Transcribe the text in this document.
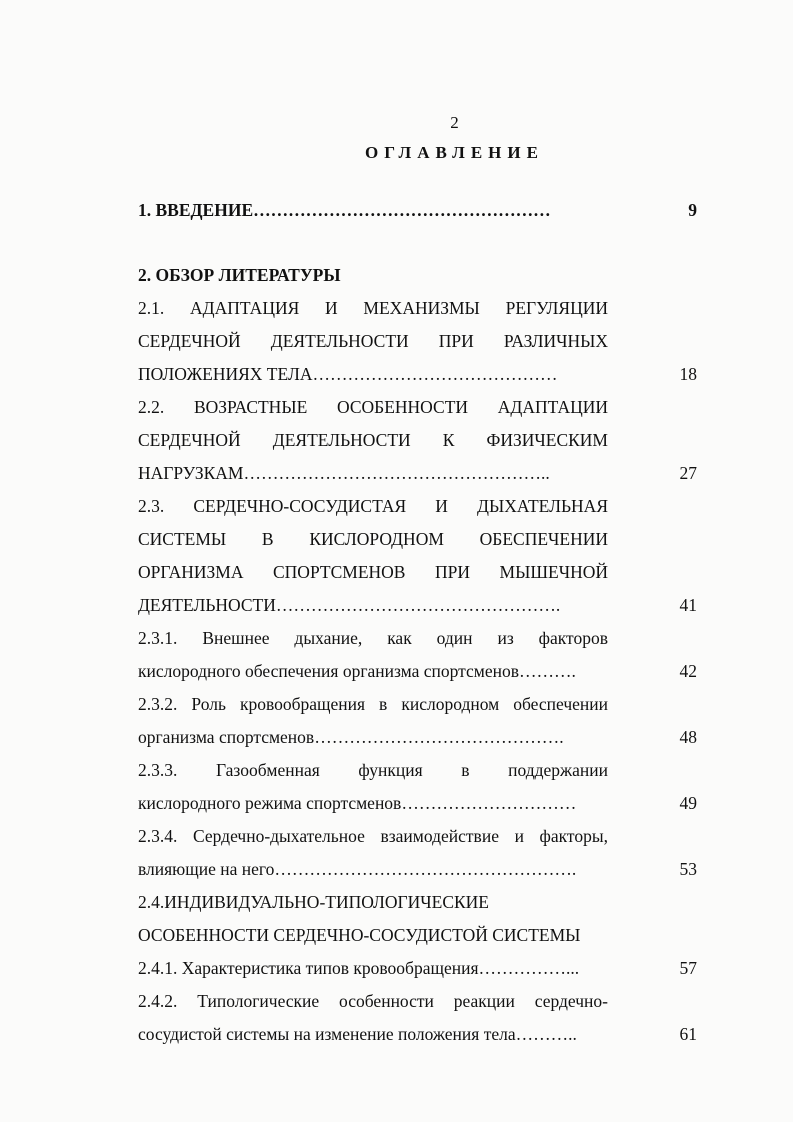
2
ОГЛАВЛЕНИЕ
1. ВВЕДЕНИЕ……………………………………………	9
2. ОБЗОР ЛИТЕРАТУРЫ
2.1. АДАПТАЦИЯ И МЕХАНИЗМЫ РЕГУЛЯЦИИ
СЕРДЕЧНОЙ ДЕЯТЕЛЬНОСТИ ПРИ РАЗЛИЧНЫХ
ПОЛОЖЕНИЯХ ТЕЛА……………………………………	18
2.2. ВОЗРАСТНЫЕ ОСОБЕННОСТИ АДАПТАЦИИ
СЕРДЕЧНОЙ ДЕЯТЕЛЬНОСТИ К ФИЗИЧЕСКИМ
НАГРУЗКАМ……………………………………………..	27
2.3. СЕРДЕЧНО-СОСУДИСТАЯ И ДЫХАТЕЛЬНАЯ
СИСТЕМЫ В КИСЛОРОДНОМ ОБЕСПЕЧЕНИИ
ОРГАНИЗМА СПОРТСМЕНОВ ПРИ МЫШЕЧНОЙ
ДЕЯТЕЛЬНОСТИ………………………………………….	41
2.3.1. Внешнее дыхание, как один из факторов
кислородного обеспечения организма спортсменов……….	42
2.3.2. Роль кровообращения в кислородном обеспечении
организма спортсменов…………………………………….	48
2.3.3. Газообменная функция в поддержании
кислородного режима спортсменов…………………………	49
2.3.4. Сердечно-дыхательное взаимодействие и факторы,
влияющие на него…………………………………………….	53
2.4.ИНДИВИДУАЛЬНО-ТИПОЛОГИЧЕСКИЕ
ОСОБЕННОСТИ СЕРДЕЧНО-СОСУДИСТОЙ СИСТЕМЫ
2.4.1. Характеристика типов кровообращения……………...	57
2.4.2. Типологические особенности реакции сердечно-
сосудистой системы на изменение положения тела………..	61
